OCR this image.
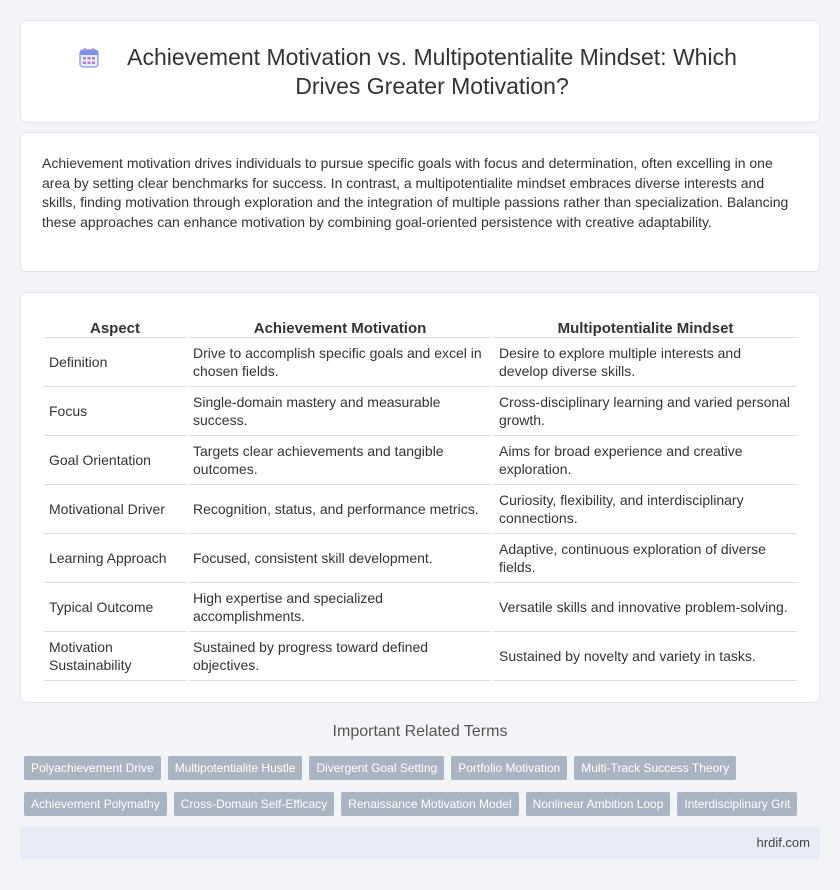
Achievement Motivation vs. Multipotentialite Mindset: Which Drives Greater Motivation?

Achievement motivation drives individuals to pursue specific goals with focus and determination, often excelling in one area by setting clear benchmarks for success. In contrast, a multipotentialite mindset embraces diverse interests and skills, finding motivation through exploration and the integration of multiple passions rather than specialization. Balancing these approaches can enhance motivation by combining goal-oriented persistence with creative adaptability.

Aspect	Achievement Motivation	Multipotentialite Mindset
Definition	Drive to accomplish specific goals and excel in chosen fields.	Desire to explore multiple interests and develop diverse skills.
Focus	Single-domain mastery and measurable success.	Cross-disciplinary learning and varied personal growth.
Goal Orientation	Targets clear achievements and tangible outcomes.	Aims for broad experience and creative exploration.
Motivational Driver	Recognition, status, and performance metrics.	Curiosity, flexibility, and interdisciplinary connections.
Learning Approach	Focused, consistent skill development.	Adaptive, continuous exploration of diverse fields.
Typical Outcome	High expertise and specialized accomplishments.	Versatile skills and innovative problem-solving.
Motivation Sustainability	Sustained by progress toward defined objectives.	Sustained by novelty and variety in tasks.
Important Related Terms
Polyachievement Drive	Multipotentialite Hustle	Divergent Goal Setting	Portfolio Motivation	Multi-Track Success Theory
Achievement Polymathy	Cross-Domain Self-Efficacy	Renaissance Motivation Model	Nonlinear Ambition Loop	Interdisciplinary Grit
hrdif.com
